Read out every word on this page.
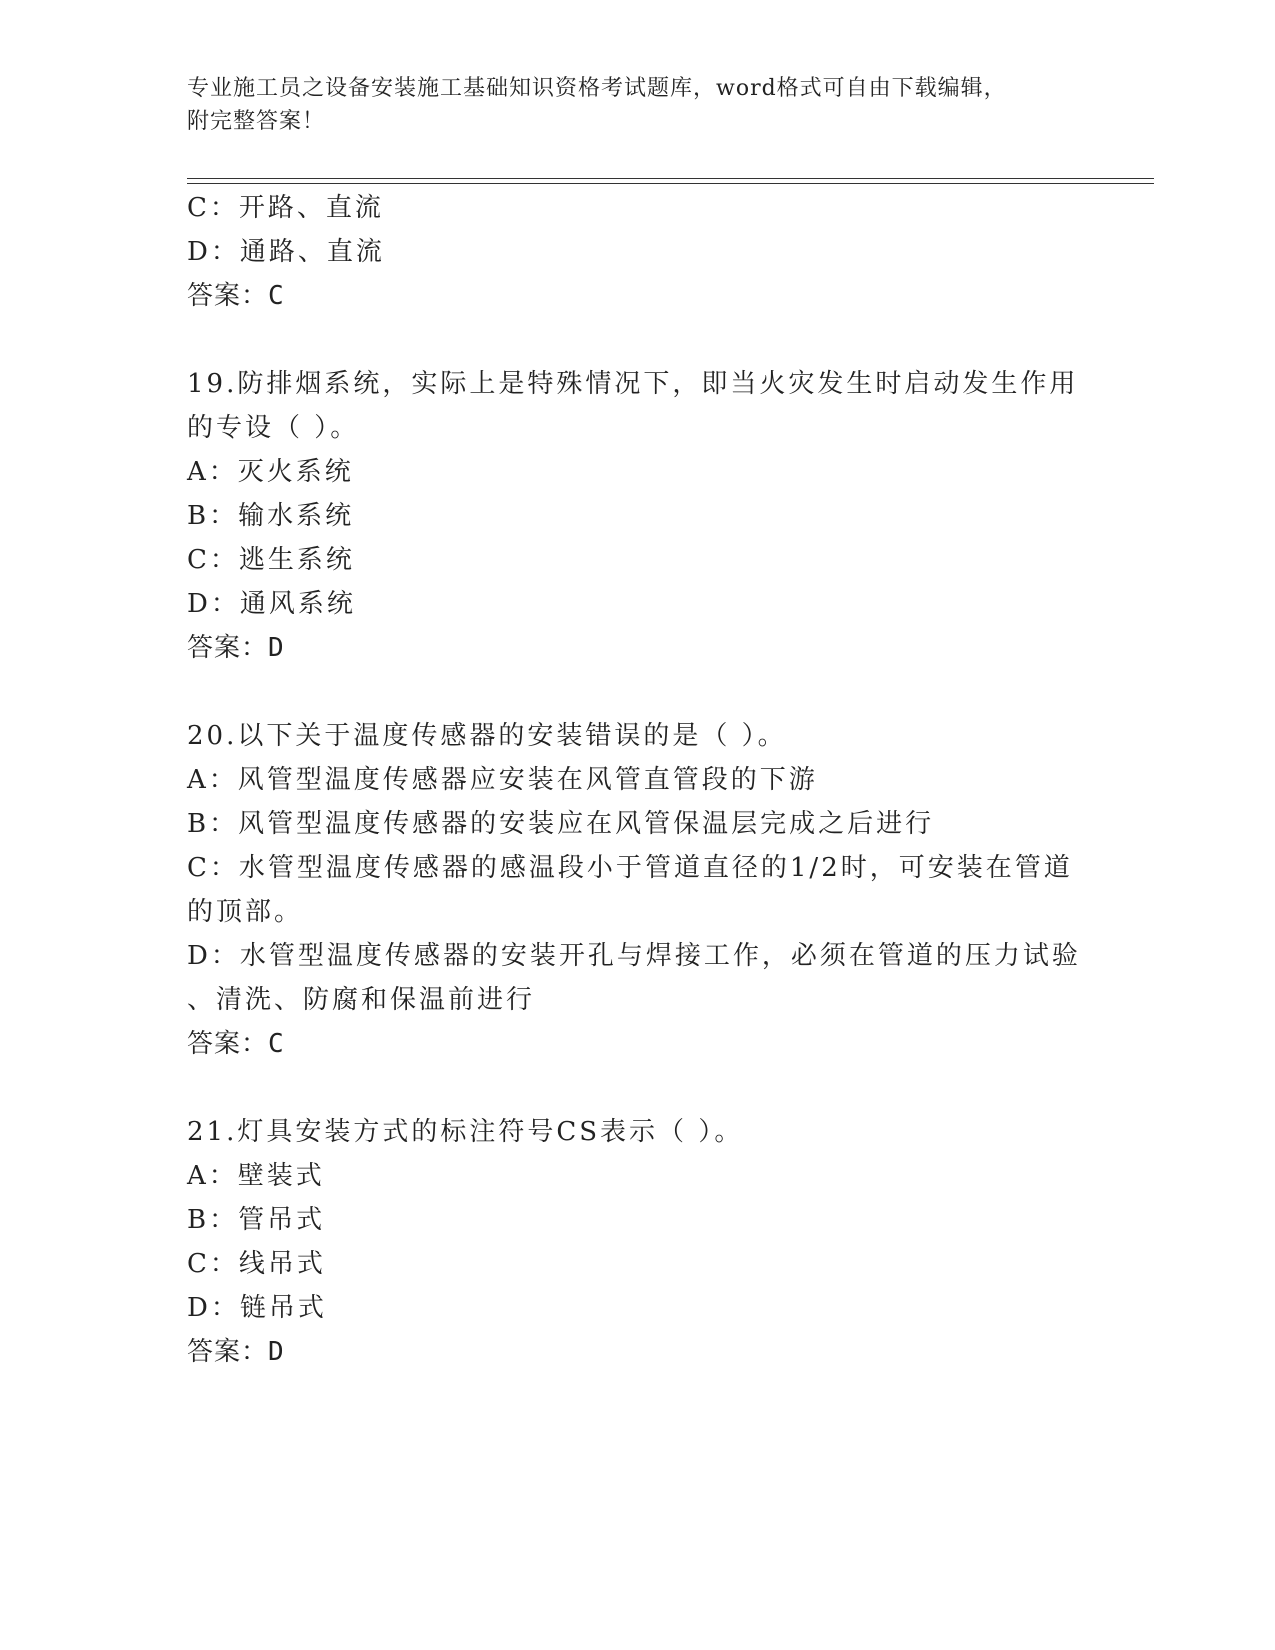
专业施工员之设备安装施工基础知识资格考试题库，word格式可自由下载编辑，
附完整答案！
C：开路、直流
D：通路、直流
答案：C
19.防排烟系统，实际上是特殊情况下，即当火灾发生时启动发生作用
的专设（ ）。
A：灭火系统
B：输水系统
C：逃生系统
D：通风系统
答案：D
20.以下关于温度传感器的安装错误的是（ ）。
A：风管型温度传感器应安装在风管直管段的下游
B：风管型温度传感器的安装应在风管保温层完成之后进行
C：水管型温度传感器的感温段小于管道直径的1/2时，可安装在管道
的顶部。
D：水管型温度传感器的安装开孔与焊接工作，必须在管道的压力试验
、清洗、防腐和保温前进行
答案：C
21.灯具安装方式的标注符号CS表示（ ）。
A：壁装式
B：管吊式
C：线吊式
D：链吊式
答案：D
